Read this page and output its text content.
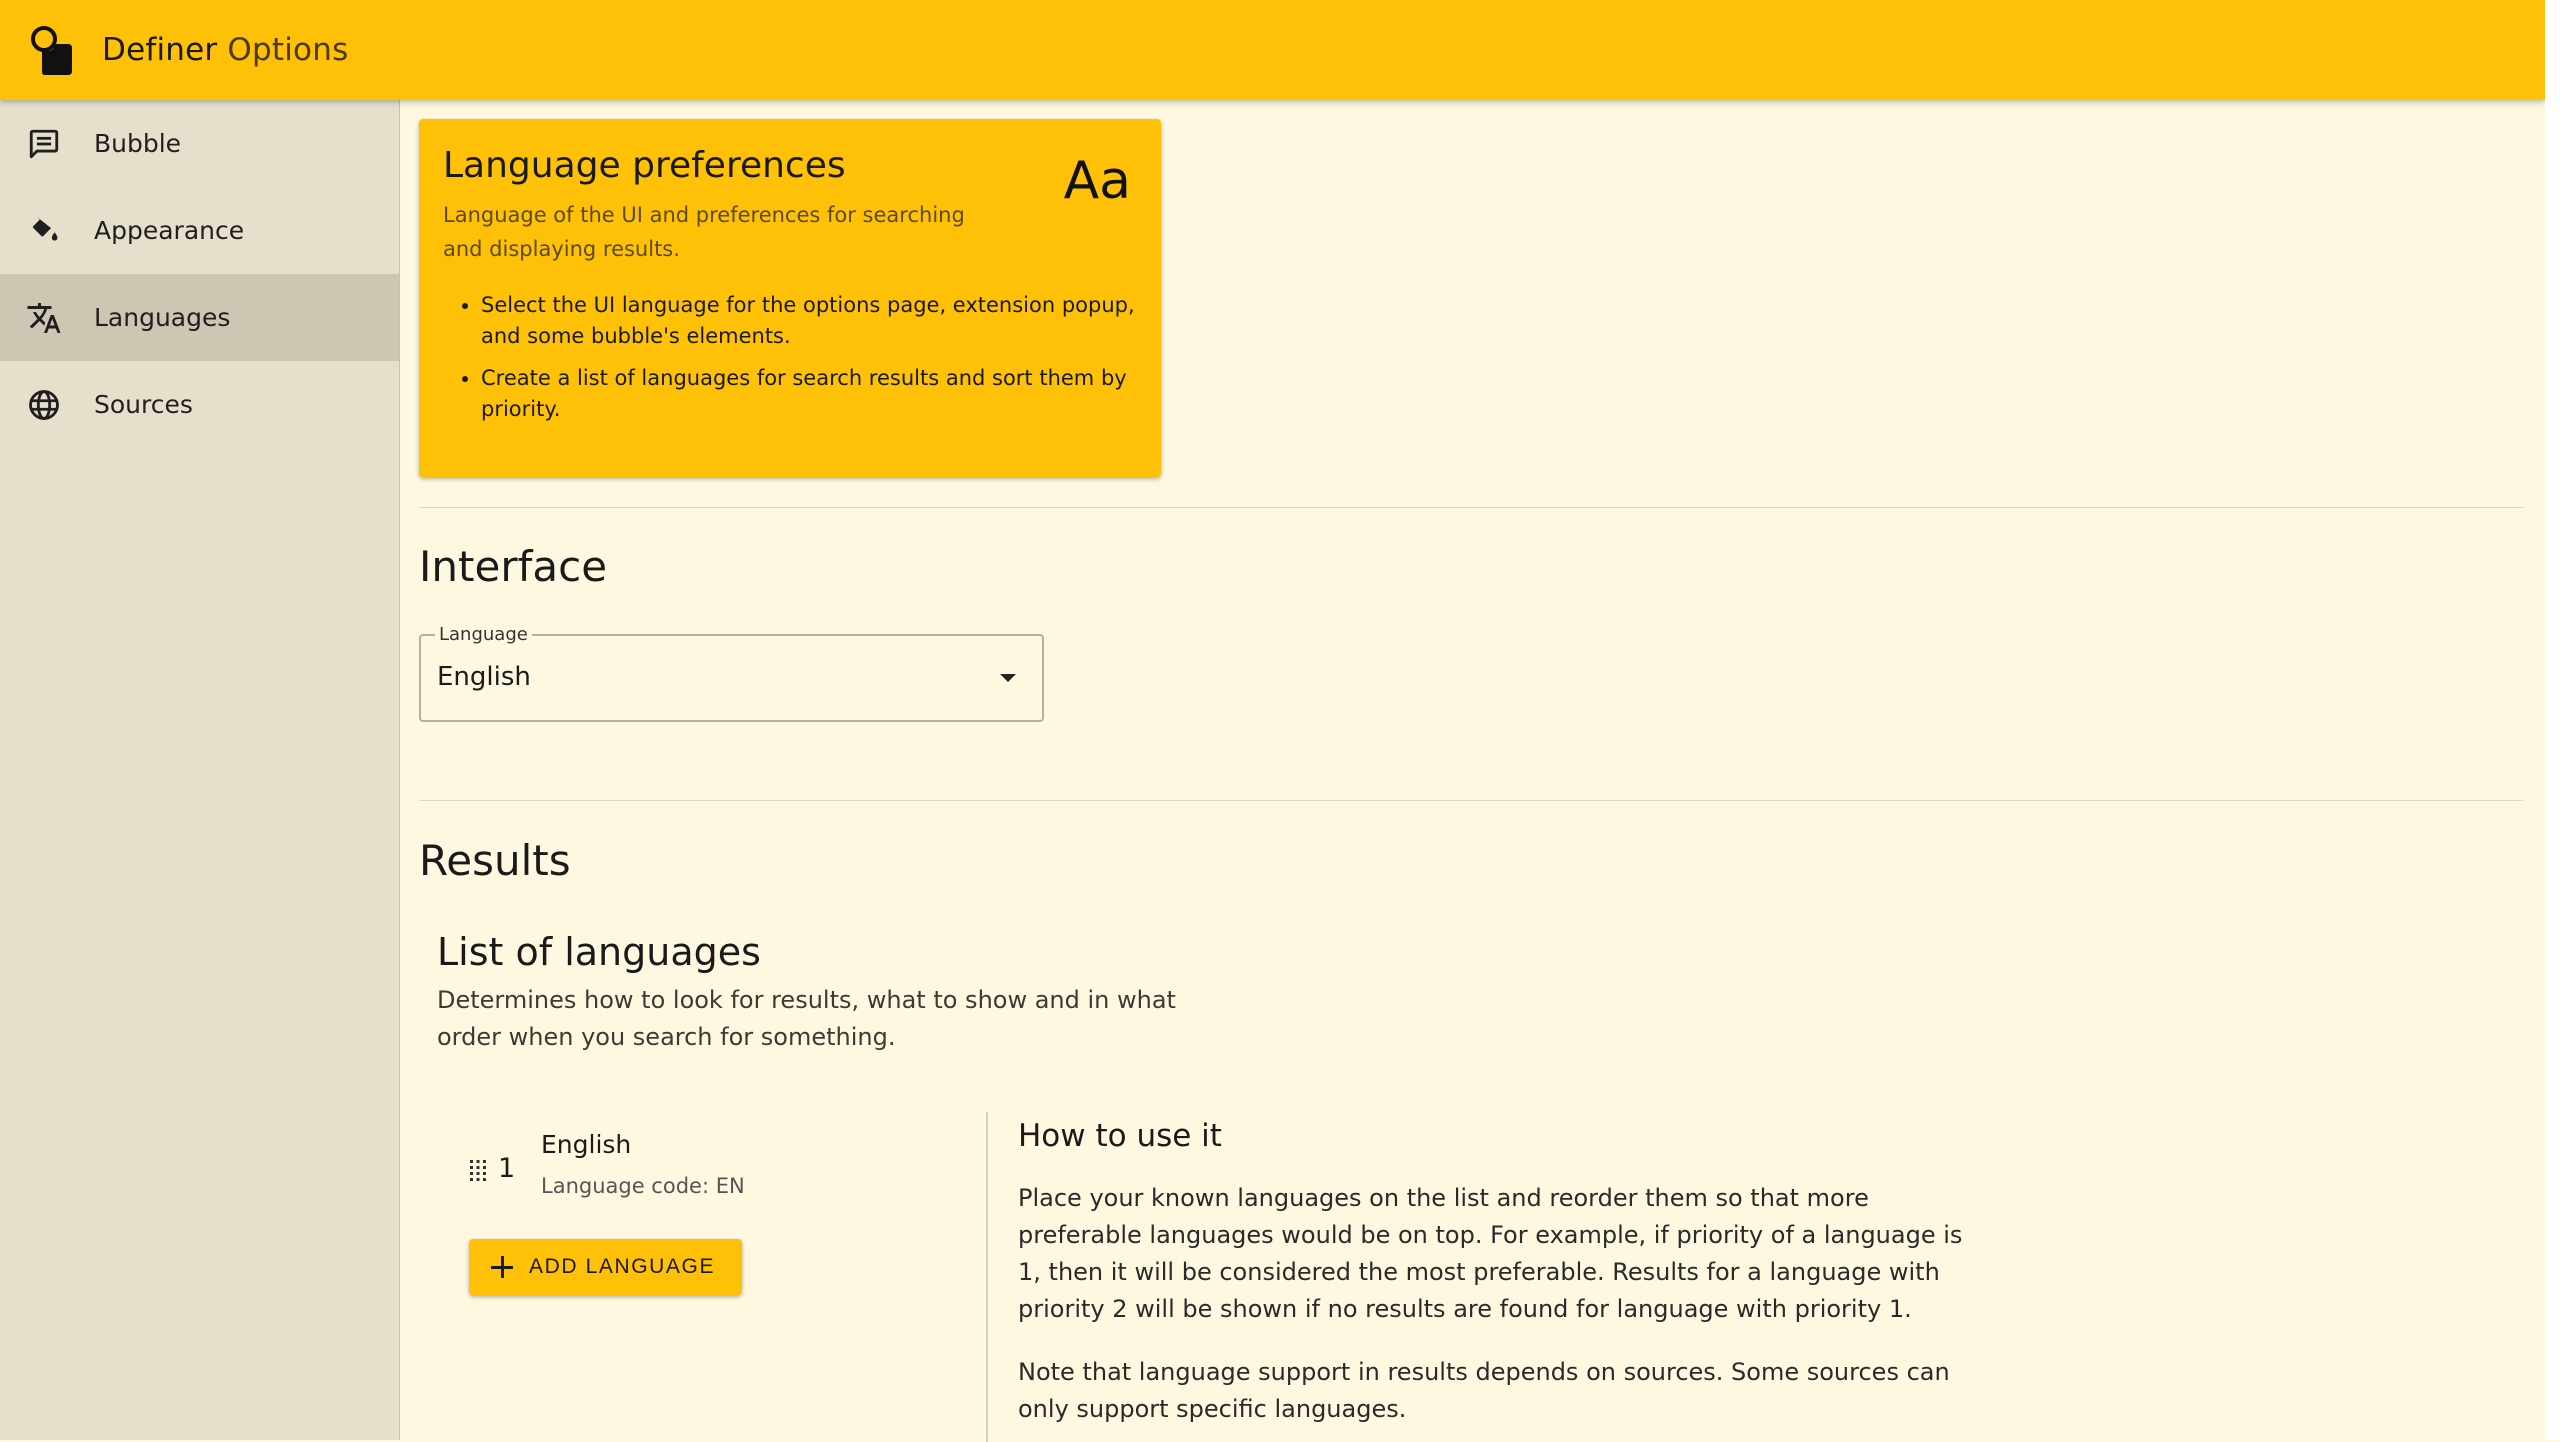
Definer Options
Bubble
Appearance
Languages
Sources
Language preferences	Aa
Language of the UI and preferences for searching and displaying results.
• Select the UI language for the options page, extension popup, and some bubble's elements.
• Create a list of languages for search results and sort them by priority.
Interface
Language
English
Results
List of languages
Determines how to look for results, what to show and in what order when you search for something.
1
English
Language code: EN
ADD LANGUAGE
How to use it

Place your known languages on the list and reorder them so that more preferable languages would be on top. For example, if priority of a language is 1, then it will be considered the most preferable. Results for a language with priority 2 will be shown if no results are found for language with priority 1.

Note that language support in results depends on sources. Some sources can only support specific languages.
